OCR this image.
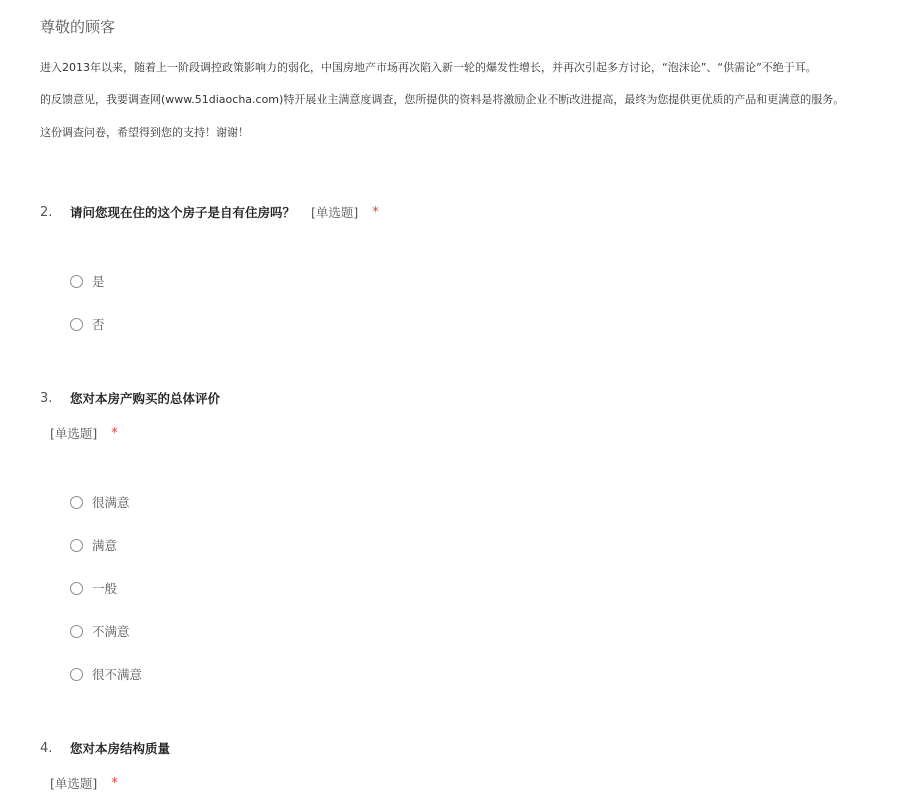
尊敬的顾客
进入2013年以来，随着上一阶段调控政策影响力的弱化，中国房地产市场再次陷入新一轮的爆发性增长，并再次引起多方讨论，“泡沫论”、“供需论”不绝于耳。
的反馈意见，我要调查网(www.51diaocha.com)特开展业主满意度调查，您所提供的资料是将激励企业不断改进提高，最终为您提供更优质的产品和更满意的服务。
这份调查问卷，希望得到您的支持！谢谢！
2.	请问您现在住的这个房子是自有住房吗？ [单选题] *
是
否
3.	您对本房产购买的总体评价
[单选题] *
很满意
满意
一般
不满意
很不满意
4.	您对本房结构质量
[单选题] *
